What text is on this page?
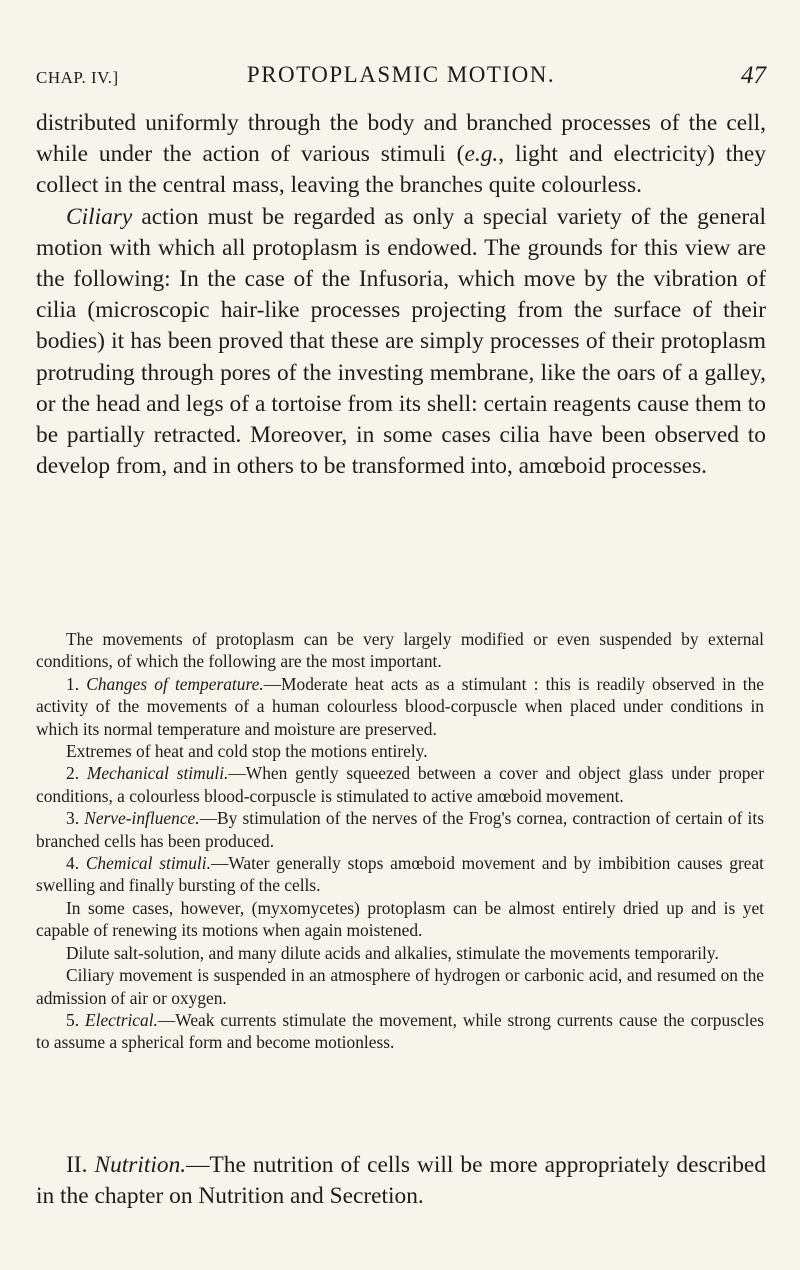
CHAP. IV.]	PROTOPLASMIC MOTION.	47

distributed uniformly through the body and branched processes of the cell, while under the action of various stimuli (e.g., light and electricity) they collect in the central mass, leaving the branches quite colourless.

Ciliary action must be regarded as only a special variety of the general motion with which all protoplasm is endowed. The grounds for this view are the following: In the case of the Infusoria, which move by the vibration of cilia (microscopic hair-like processes projecting from the surface of their bodies) it has been proved that these are simply processes of their protoplasm protruding through pores of the investing membrane, like the oars of a galley, or the head and legs of a tortoise from its shell: certain reagents cause them to be partially retracted. Moreover, in some cases cilia have been observed to develop from, and in others to be transformed into, amœboid processes.

The movements of protoplasm can be very largely modified or even suspended by external conditions, of which the following are the most important.

1. Changes of temperature.—Moderate heat acts as a stimulant : this is readily observed in the activity of the movements of a human colourless blood-corpuscle when placed under conditions in which its normal temperature and moisture are preserved.

Extremes of heat and cold stop the motions entirely.

2. Mechanical stimuli.—When gently squeezed between a cover and object glass under proper conditions, a colourless blood-corpuscle is stimulated to active amœboid movement.

3. Nerve-influence.—By stimulation of the nerves of the Frog's cornea, contraction of certain of its branched cells has been produced.

4. Chemical stimuli.—Water generally stops amœboid movement and by imbibition causes great swelling and finally bursting of the cells.

In some cases, however, (myxomycetes) protoplasm can be almost entirely dried up and is yet capable of renewing its motions when again moistened.

Dilute salt-solution, and many dilute acids and alkalies, stimulate the movements temporarily.

Ciliary movement is suspended in an atmosphere of hydrogen or carbonic acid, and resumed on the admission of air or oxygen.

5. Electrical.—Weak currents stimulate the movement, while strong currents cause the corpuscles to assume a spherical form and become motionless.

II. Nutrition.—The nutrition of cells will be more appropriately described in the chapter on Nutrition and Secretion.
